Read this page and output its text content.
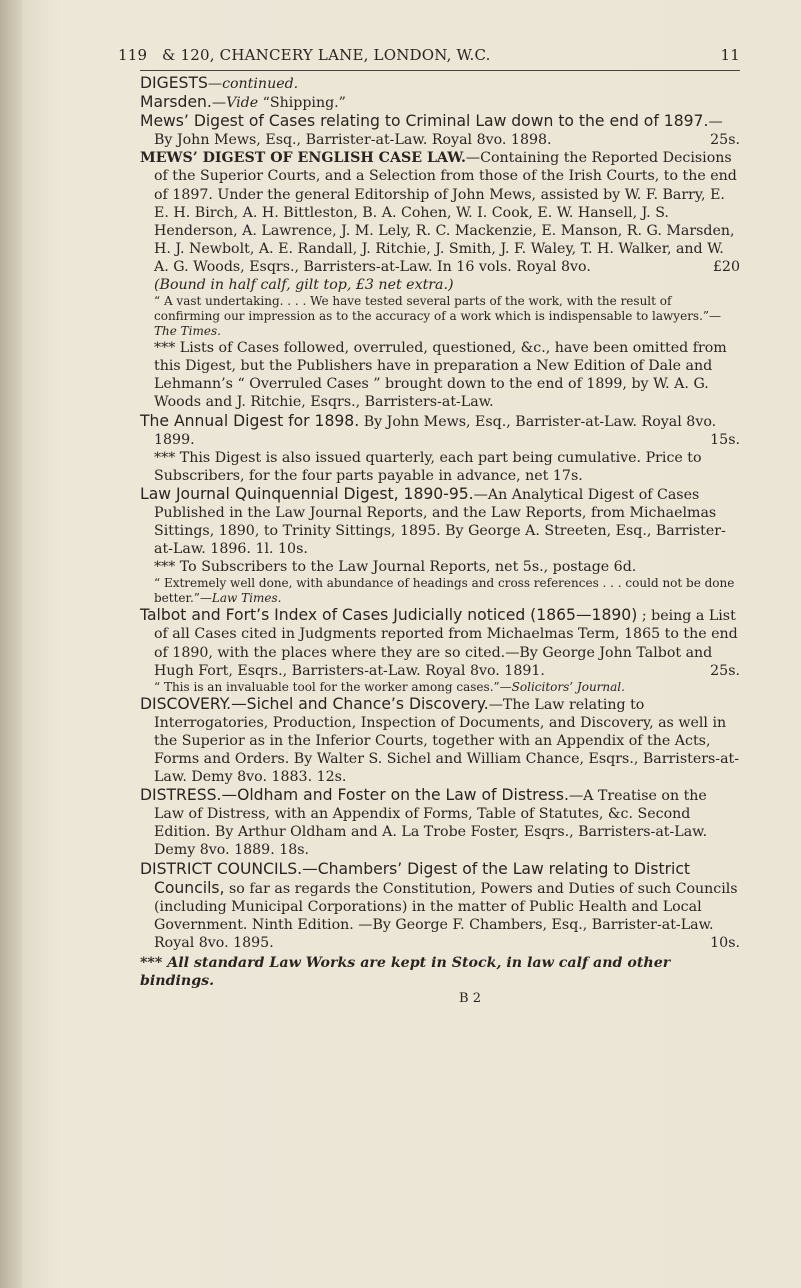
119 & 120, CHANCERY LANE, LONDON, W.C.	11

DIGESTS—continued.

Marsden.—Vide “Shipping.”

Mews’ Digest of Cases relating to Criminal Law down to the end of 1897.—By John Mews, Esq., Barrister-at-Law. Royal 8vo. 1898.	25s.

MEWS’ DIGEST OF ENGLISH CASE LAW.—Containing the Reported Decisions of the Superior Courts, and a Selection from those of the Irish Courts, to the end of 1897. Under the general Editorship of John Mews, assisted by W. F. Barry, E. E. H. Birch, A. H. Bittleston, B. A. Cohen, W. I. Cook, E. W. Hansell, J. S. Henderson, A. Lawrence, J. M. Lely, R. C. Mackenzie, E. Manson, R. G. Marsden, H. J. Newbolt, A. E. Randall, J. Ritchie, J. Smith, J. F. Waley, T. H. Walker, and W. A. G. Woods, Esqrs., Barristers-at-Law. In 16 vols. Royal 8vo.	£20

(Bound in half calf, gilt top, £3 net extra.)

“ A vast undertaking. . . . We have tested several parts of the work, with the result of confirming our impression as to the accuracy of a work which is indispensable to lawyers.”—The Times.

*** Lists of Cases followed, overruled, questioned, &c., have been omitted from this Digest, but the Publishers have in preparation a New Edition of Dale and Lehmann’s “ Overruled Cases ” brought down to the end of 1899, by W. A. G. Woods and J. Ritchie, Esqrs., Barristers-at-Law.

The Annual Digest for 1898. By John Mews, Esq., Barrister-at-Law. Royal 8vo. 1899.	15s.

*** This Digest is also issued quarterly, each part being cumulative. Price to Subscribers, for the four parts payable in advance, net 17s.

Law Journal Quinquennial Digest, 1890-95.—An Analytical Digest of Cases Published in the Law Journal Reports, and the Law Reports, from Michaelmas Sittings, 1890, to Trinity Sittings, 1895. By George A. Streeten, Esq., Barrister-at-Law. 1896. 1l. 10s.

*** To Subscribers to the Law Journal Reports, net 5s., postage 6d.

“ Extremely well done, with abundance of headings and cross references . . . could not be done better.”—Law Times.

Talbot and Fort’s Index of Cases Judicially noticed (1865—1890) ; being a List of all Cases cited in Judgments reported from Michaelmas Term, 1865 to the end of 1890, with the places where they are so cited.—By George John Talbot and Hugh Fort, Esqrs., Barristers-at-Law. Royal 8vo. 1891.	25s.

“ This is an invaluable tool for the worker among cases.”—Solicitors’ Journal.

DISCOVERY.—Sichel and Chance’s Discovery.—The Law relating to Interrogatories, Production, Inspection of Documents, and Discovery, as well in the Superior as in the Inferior Courts, together with an Appendix of the Acts, Forms and Orders. By Walter S. Sichel and William Chance, Esqrs., Barristers-at-Law. Demy 8vo. 1883. 12s.

DISTRESS.—Oldham and Foster on the Law of Distress.—A Treatise on the Law of Distress, with an Appendix of Forms, Table of Statutes, &c. Second Edition. By Arthur Oldham and A. La Trobe Foster, Esqrs., Barristers-at-Law. Demy 8vo. 1889. 18s.

DISTRICT COUNCILS.—Chambers’ Digest of the Law relating to District Councils, so far as regards the Constitution, Powers and Duties of such Councils (including Municipal Corporations) in the matter of Public Health and Local Government. Ninth Edition. —By George F. Chambers, Esq., Barrister-at-Law. Royal 8vo. 1895.	10s.

*** All standard Law Works are kept in Stock, in law calf and other bindings.

B 2
